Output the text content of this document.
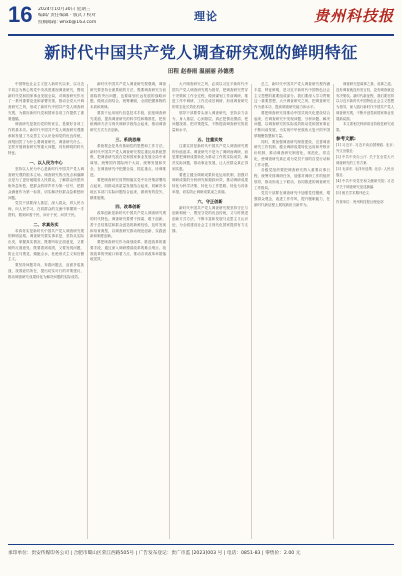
16 2024年10月30日 星期三
编辑/ 责任编辑 · 版式 / 校对
投稿邮箱: whxb@163.com	理论	贵州科技报
新时代中国共产党人调查研究观的鲜明特征
田程 赵春雨 温丽丽 孙德勇
中国特色社会主义进入新时代以来，以习近平同志为核心的党中央高度重视调查研究，围绕新时代党和国家事业发展全局，对调查研究作出了一系列重要论述和部署安排，推动全党大兴调查研究之风，形成了新时代中国共产党人调查研究观，为做好新时代党和国家各项工作提供了重要遵循。
调查研究是我们党的传家宝，是做好各项工作的基本功。新时代中国共产党人调查研究观继承和发展了马克思主义认识论和党的优良传统，深刻回答了为什么要调查研究、调查研究什么、怎样开展调查研究等重大问题，具有鲜明的时代特征。
一、以人民为中心
坚持以人民为中心是新时代中国共产党人调查研究观的根本立场。调查研究的出发点和落脚点是为了更好地服务人民群众，了解群众所思所盼所急所愁，把群众的呼声作为第一信号，把群众满意作为第一标准，切实解决好群众急难愁盼问题。
党员干部要深入基层、深入群众，拜人民为师，向人民学习，在同群众的交流中掌握第一手资料，做到问需于民、问计于民、问效于民。
二、求真务实
求真务实是新时代中国共产党人调查研究观的鲜明品格。调查研究要实事求是，坚持从实际出发，掌握真实情况，既要听取正面意见，又要倾听反面意见；既要看到成绩，又要发现问题，防止走马观花、蜻蜓点水，杜绝形式主义和官僚主义。
要坚持问题导向，奔着问题去，直面矛盾挑战，找准症结所在，提出切实可行的对策建议，推动调查研究成果转化为解决问题的实际成效。
新时代中国共产党人调查研究观强调，调查研究要坚持全面系统的方法，既要调查研究当前面临的突出问题，也要谋划长远发展的战略问题，做到点面结合、统筹兼顾，全面把握事物的本质和规律。
要善于运用现代信息技术手段，拓宽调查研究渠道，提高调查研究的科学性和精准性，把传统调研方法与现代调研手段结合起来，推动调查研究方式方法创新。
三、系统思维
系统观念是具有基础性的思想和工作方法。新时代中国共产党人调查研究观注重运用系统思维，把调查研究放在党和国家事业发展全局中来谋划，统筹国内国际两个大局，统筹发展和安全，在调查研究中把握全局、抓住重点、协调推进。
要把调查研究同贯彻落实党中央决策部署结合起来，同推动高质量发展结合起来，同解决本地区本部门实际问题结合起来，做到有的放矢、精准施策。
四、改革创新
改革创新是新时代中国共产党人调查研究观的时代特色。调查研究要勇于探索、敢于创新，善于总结基层和群众创造的新鲜经验，及时发现和培育典型，以调查研究推动理论创新、实践创新和制度创新。
要把调查研究作为谋划改革、推进改革的重要手段，通过深入调研摸清改革的难点堵点，找准改革的突破口和着力点，推动各项改革举措落地见效。
大兴调查研究之风，必须以习近平新时代中国共产党人调查研究观为指导，把调查研究贯穿于决策和工作全过程，做到谋划工作前调研、推进工作中调研、工作完成后调研，形成调查研究的常态化长效化机制。
领导干部要带头深入调查研究，坚持亲力亲为，身入基层、心到基层，真正把情况摸清、把问题找准、把对策提实，不断提高调查研究的质量和水平。
五、注重实效
注重实效是新时代中国共产党人调查研究观的价值追求。调查研究不是为了调研而调研，而是要把调研成果转化为推动工作的实际成效，解决实际问题，推动事业发展，让人民群众真正得到实惠。
要建立健全调研成果转化运用机制，加强对调研成果的分析研究和跟踪问效，推动调研成果转化为科学决策、转化为工作思路、转化为具体举措，切实防止调研成果束之高阁。
六、守正创新
新时代中国共产党人调查研究观坚持守正与创新相统一，既坚守党的优良传统，又与时俱进创新方式方法，不断丰富和发展马克思主义认识论，为全面建设社会主义现代化国家提供有力支撑。
总之，新时代中国共产党人调查研究观内涵丰富、特征鲜明，是习近平新时代中国特色社会主义思想的重要组成部分。我们要深入学习贯彻这一重要思想，大兴调查研究之风，把调查研究作为基本功，提高调查研究能力和水平。
要把调查研究同推动中国式现代化建设结合起来，在调查研究中发现问题、分析问题、解决问题，以调查研究的实际成效推动党和国家事业不断向前发展，为实现中华民族伟大复兴的中国梦凝聚智慧和力量。
同时，要加强调查研究制度建设，完善调查研究工作机制，健全调研成果转化运用和考核评价机制，推动调查研究制度化、规范化、常态化，使调查研究真正成为党员干部的自觉行动和工作习惯。
各级党组织要把调查研究纳入重要议事日程，统筹安排调研任务，加强对调研工作的组织领导，推动形成上下联动、协同推进的调查研究工作格局。
党员干部要在调查研究中加强党性锻炼，增强群众观念，改进工作作风，提升履职能力，在新时代新征程上展现新担当新作为。
调查研究是谋事之基、成事之道。没有调查就没有发言权，没有调查就没有决策权。新时代新征程，我们要坚持以习近平新时代中国特色社会主义思想为指导，深入践行新时代中国共产党人调查研究观，不断开创党和国家事业发展新局面。
本文系相关科研项目阶段性研究成果。
参考文献:
[1] 习近平. 习近平谈治国理政. 北京: 外文出版社.
[2] 中共中央办公厅. 关于在全党大兴调查研究的工作方案.
[3] 毛泽东. 毛泽东选集. 北京: 人民出版社.
[4] 中共中央党史和文献研究院. 习近平关于调查研究论述摘编.
[5] 相关学术期刊论文.
作者单位：贵州科技报社理论部
承印单位：贵安传媒印务公司 | 合肥市蜀山区荣江西路505号 | 广告发布登记：贵广市监 [2023]003 号 | 电话：0851-83 | 零售价：2.00 元
